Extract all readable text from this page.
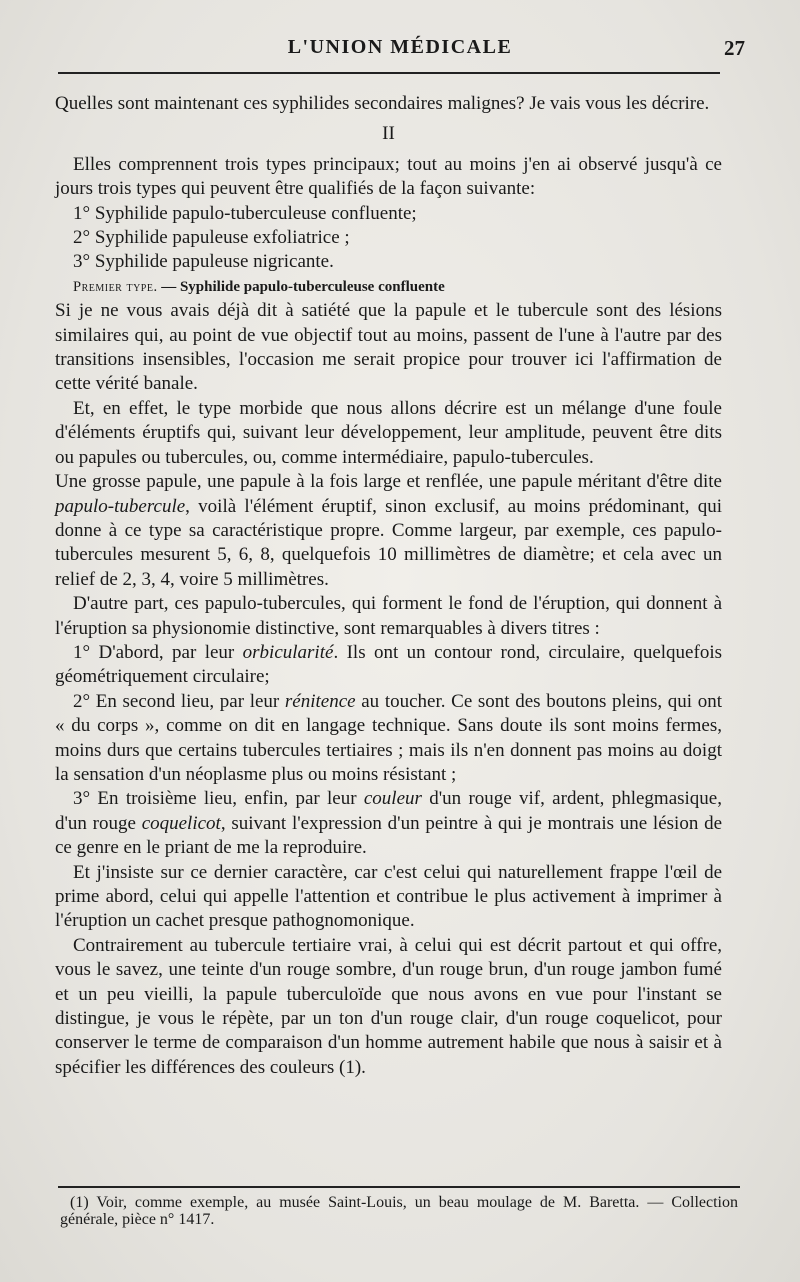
L'UNION MÉDICALE	27

Quelles sont maintenant ces syphilides secondaires malignes? Je vais vous les décrire.

II

Elles comprennent trois types principaux; tout au moins j'en ai observé jusqu'à ce jours trois types qui peuvent être qualifiés de la façon suivante:

1° Syphilide papulo-tuberculeuse confluente;

2° Syphilide papuleuse exfoliatrice ;

3° Syphilide papuleuse nigricante.

Premier type. — Syphilide papulo-tuberculeuse confluente

Si je ne vous avais déjà dit à satiété que la papule et le tubercule sont des lésions similaires qui, au point de vue objectif tout au moins, passent de l'une à l'autre par des transitions insensibles, l'occasion me serait propice pour trouver ici l'affirmation de cette vérité banale.

Et, en effet, le type morbide que nous allons décrire est un mélange d'une foule d'éléments éruptifs qui, suivant leur développement, leur amplitude, peuvent être dits ou papules ou tubercules, ou, comme intermédiaire, papulo-tubercules.

Une grosse papule, une papule à la fois large et renflée, une papule méritant d'être dite papulo-tubercule, voilà l'élément éruptif, sinon exclusif, au moins prédominant, qui donne à ce type sa caractéristique propre. Comme largeur, par exemple, ces papulo-tubercules mesurent 5, 6, 8, quelquefois 10 millimètres de diamètre; et cela avec un relief de 2, 3, 4, voire 5 millimètres.

D'autre part, ces papulo-tubercules, qui forment le fond de l'éruption, qui donnent à l'éruption sa physionomie distinctive, sont remarquables à divers titres :

1° D'abord, par leur orbicularité. Ils ont un contour rond, circulaire, quelquefois géométriquement circulaire;

2° En second lieu, par leur rénitence au toucher. Ce sont des boutons pleins, qui ont « du corps », comme on dit en langage technique. Sans doute ils sont moins fermes, moins durs que certains tubercules tertiaires ; mais ils n'en donnent pas moins au doigt la sensation d'un néoplasme plus ou moins résistant ;

3° En troisième lieu, enfin, par leur couleur d'un rouge vif, ardent, phlegmasique, d'un rouge coquelicot, suivant l'expression d'un peintre à qui je montrais une lésion de ce genre en le priant de me la reproduire.

Et j'insiste sur ce dernier caractère, car c'est celui qui naturellement frappe l'œil de prime abord, celui qui appelle l'attention et contribue le plus activement à imprimer à l'éruption un cachet presque pathognomonique.

Contrairement au tubercule tertiaire vrai, à celui qui est décrit partout et qui offre, vous le savez, une teinte d'un rouge sombre, d'un rouge brun, d'un rouge jambon fumé et un peu vieilli, la papule tuberculoïde que nous avons en vue pour l'instant se distingue, je vous le répète, par un ton d'un rouge clair, d'un rouge coquelicot, pour conserver le terme de comparaison d'un homme autrement habile que nous à saisir et à spécifier les différences des couleurs (1).

(1) Voir, comme exemple, au musée Saint-Louis, un beau moulage de M. Baretta. — Collection générale, pièce n° 1417.
